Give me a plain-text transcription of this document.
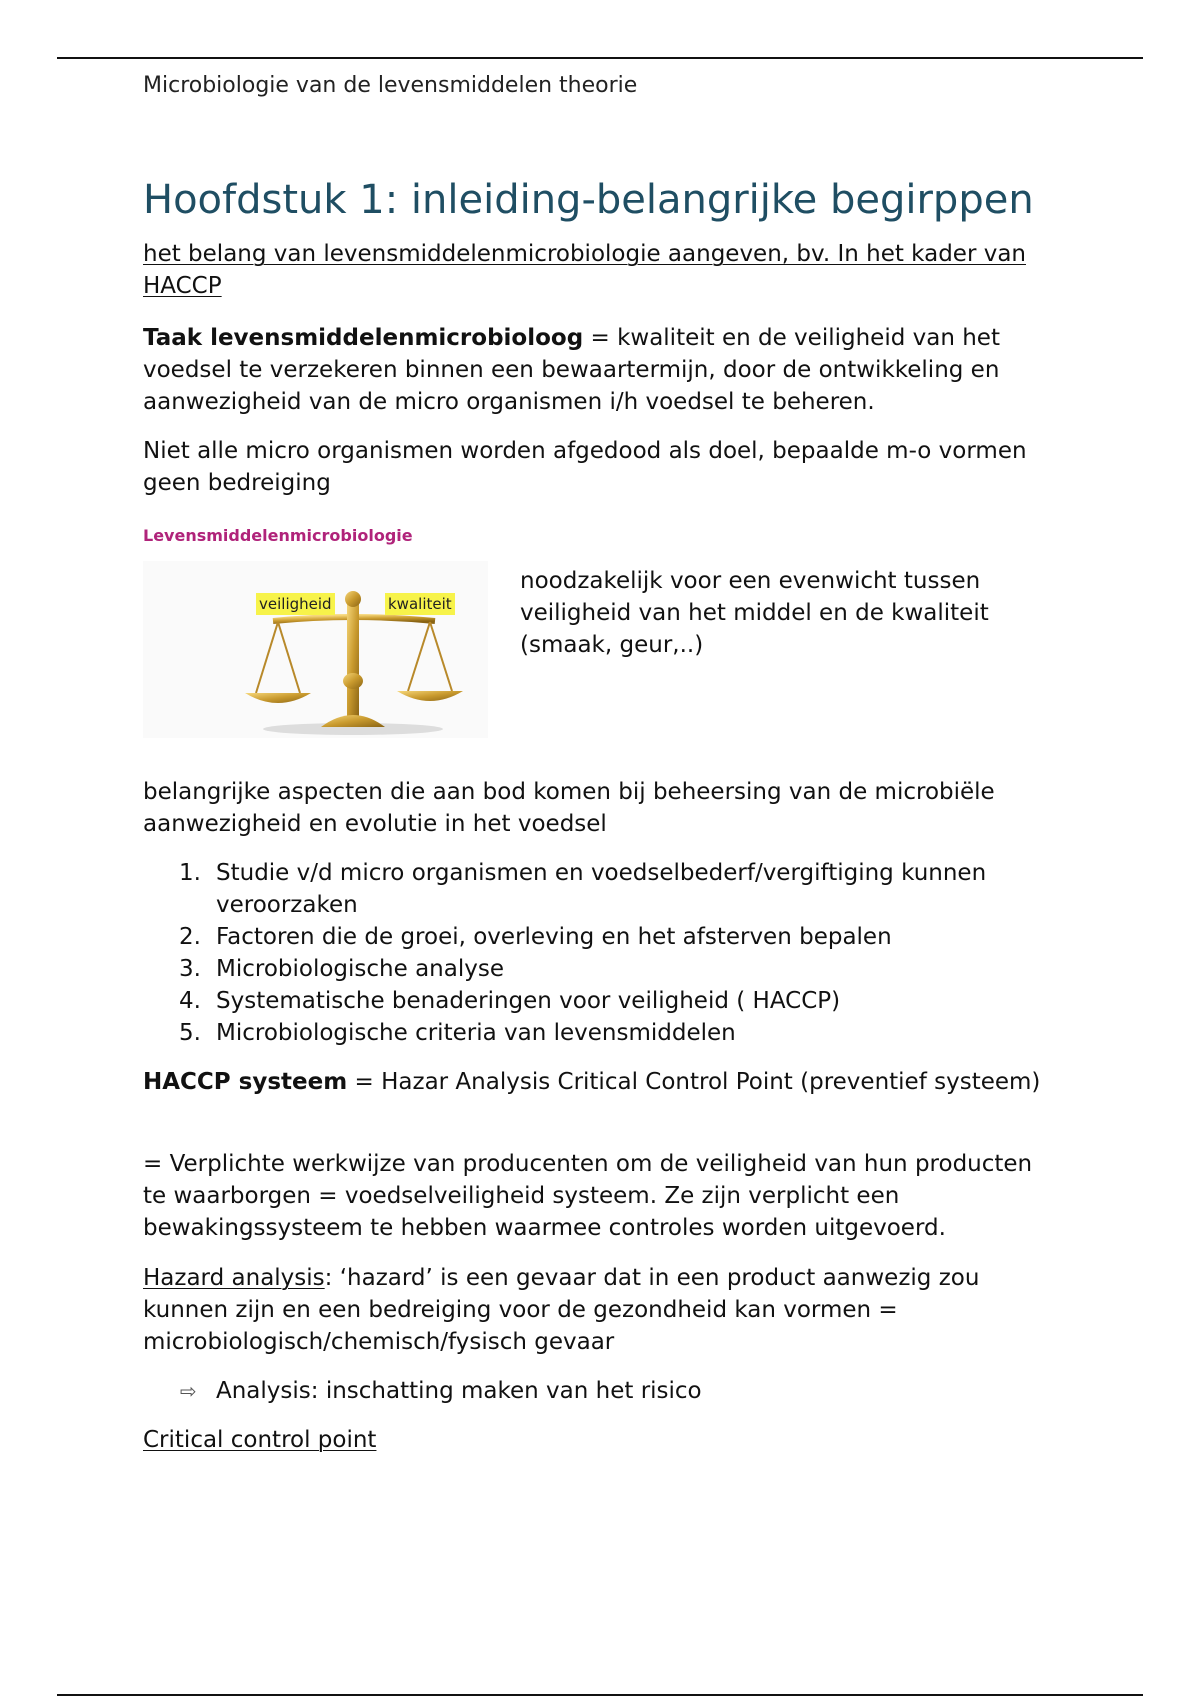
Microbiologie van de levensmiddelen theorie
Hoofdstuk 1: inleiding-belangrijke begirppen

het belang van levensmiddelenmicrobiologie aangeven, bv. In het kader van HACCP

Taak levensmiddelenmicrobioloog = kwaliteit en de veiligheid van het voedsel te verzekeren binnen een bewaartermijn, door de ontwikkeling en aanwezigheid van de micro organismen i/h voedsel te beheren.

Niet alle micro organismen worden afgedood als doel, bepaalde m-o vormen geen bedreiging

Levensmiddelenmicrobiologie
veiligheid	kwaliteit

noodzakelijk voor een evenwicht tussen veiligheid van het middel en de kwaliteit (smaak, geur,..)

belangrijke aspecten die aan bod komen bij beheersing van de microbiële aanwezigheid en evolutie in het voedsel

1. Studie v/d micro organismen en voedselbederf/vergiftiging kunnen veroorzaken
2. Factoren die de groei, overleving en het afsterven bepalen
3. Microbiologische analyse
4. Systematische benaderingen voor veiligheid ( HACCP)
5. Microbiologische criteria van levensmiddelen

HACCP systeem = Hazar Analysis Critical Control Point (preventief systeem)

= Verplichte werkwijze van producenten om de veiligheid van hun producten te waarborgen = voedselveiligheid systeem. Ze zijn verplicht een bewakingssysteem te hebben waarmee controles worden uitgevoerd.

Hazard analysis: ‘hazard’ is een gevaar dat in een product aanwezig zou kunnen zijn en een bedreiging voor de gezondheid kan vormen = microbiologisch/chemisch/fysisch gevaar

⇨ Analysis: inschatting maken van het risico

Critical control point
